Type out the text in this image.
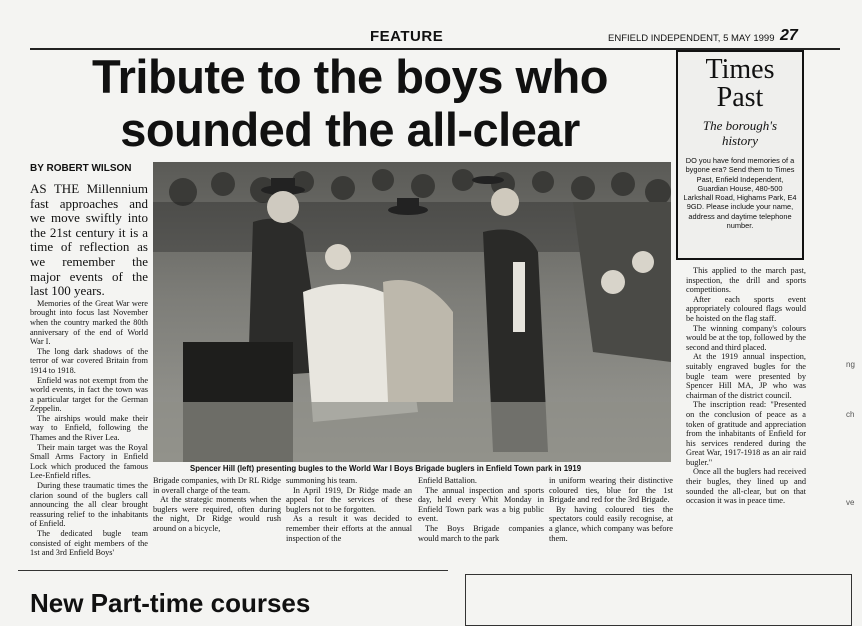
FEATURE	ENFIELD INDEPENDENT, 5 MAY 1999 27
Tribute to the boys who
sounded the all-clear
BY ROBERT WILSON
Times
Past
The borough's
history
DO you have fond memories of a bygone era? Send them to Times Past, Enfield Independent, Guardian House, 480-500 Larkshall Road, Highams Park, E4 9GD. Please include your name, address and daytime telephone number.

AS THE Millennium fast approaches and we move swiftly into the 21st century it is a time of reflection as we remember the major events of the last 100 years.

Memories of the Great War were brought into focus last November when the country marked the 80th anniversary of the end of World War I.

The long dark shadows of the terror of war covered Britain from 1914 to 1918.

Enfield was not exempt from the world events, in fact the town was a particular target for the German Zeppelin.

The airships would make their way to Enfield, following the Thames and the River Lea.

Their main target was the Royal Small Arms Factory in Enfield Lock which produced the famous Lee-Enfield rifles.

During these traumatic times the clarion sound of the buglers call announcing the all clear brought reassuring relief to the inhabitants of Enfield.

The dedicated bugle team consisted of eight members of the 1st and 3rd Enfield Boys'

Spencer Hill (left) presenting bugles to the World War I Boys Brigade buglers in Enfield Town park in 1919

Brigade companies, with Dr RL Ridge in overall charge of the team.

At the strategic moments when the buglers were required, often during the night, Dr Ridge would rush around on a bicycle,

summoning his team.

In April 1919, Dr Ridge made an appeal for the services of these buglers not to be forgotten.

As a result it was decided to remember their efforts at the annual inspection of the

Enfield Battalion.

The annual inspection and sports day, held every Whit Monday in Enfield Town park was a big public event.

The Boys Brigade companies would march to the park

in uniform wearing their distinctive coloured ties, blue for the 1st Brigade and red for the 3rd Brigade.

By having coloured ties the spectators could easily recognise, at a glance, which company was before them.

This applied to the march past, inspection, the drill and sports competitions.

After each sports event appropriately coloured flags would be hoisted on the flag staff.

The winning company's colours would be at the top, followed by the second and third placed.

At the 1919 annual inspection, suitably engraved bugles for the bugle team were presented by Spencer Hill MA, JP who was chairman of the district council.

The inscription read: "Presented on the conclusion of peace as a token of gratitude and appreciation from the inhabitants of Enfield for his services rendered during the Great War, 1917-1918 as an air raid bugler."

Once all the buglers had received their bugles, they lined up and sounded the all-clear, but on that occasion it was in peace time.

ng
ch
ve
New Part-time courses
